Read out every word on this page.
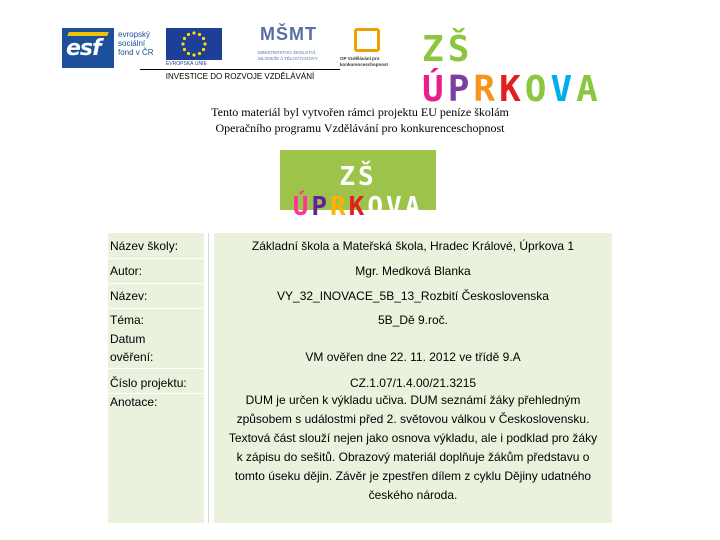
esf
evropský sociální fond v ČR
EVROPSKÁ UNIE
MŠMT
MINISTERSTVO ŠKOLSTVÍ, MLÁDEŽE A TĚLOVÝCHOVY	OP Vzdělávání pro konkurenceschopnost
INVESTICE DO ROZVOJE VZDĚLÁVÁNÍ
ZŠ ÚPRKOVA
Tento materiál byl vytvořen rámci projektu EU peníze školám
Operačního programu Vzdělávání pro konkurenceschopnost
ZŠ ÚPRKOVA
Název školy:	Základní škola a Mateřská škola, Hradec Králové, Úprkova 1
Autor:	Mgr. Medková Blanka
Název:	VY_32_INOVACE_5B_13_Rozbití Československa
Téma:	5B_Dě 9.roč.
Datum
ověření:	VM ověřen dne 22. 11. 2012 ve třídě 9.A
Číslo projektu:	CZ.1.07/1.4.00/21.3215
Anotace:	DUM je určen k výkladu učiva. DUM seznámí žáky přehledným
způsobem s událostmi před 2. světovou válkou v Československu.
Textová část slouží nejen jako osnova výkladu, ale i podklad pro žáky
k zápisu do sešitů. Obrazový materiál doplňuje žákům představu o
tomto úseku dějin. Závěr je zpestřen dílem z cyklu Dějiny udatného
českého národa.
